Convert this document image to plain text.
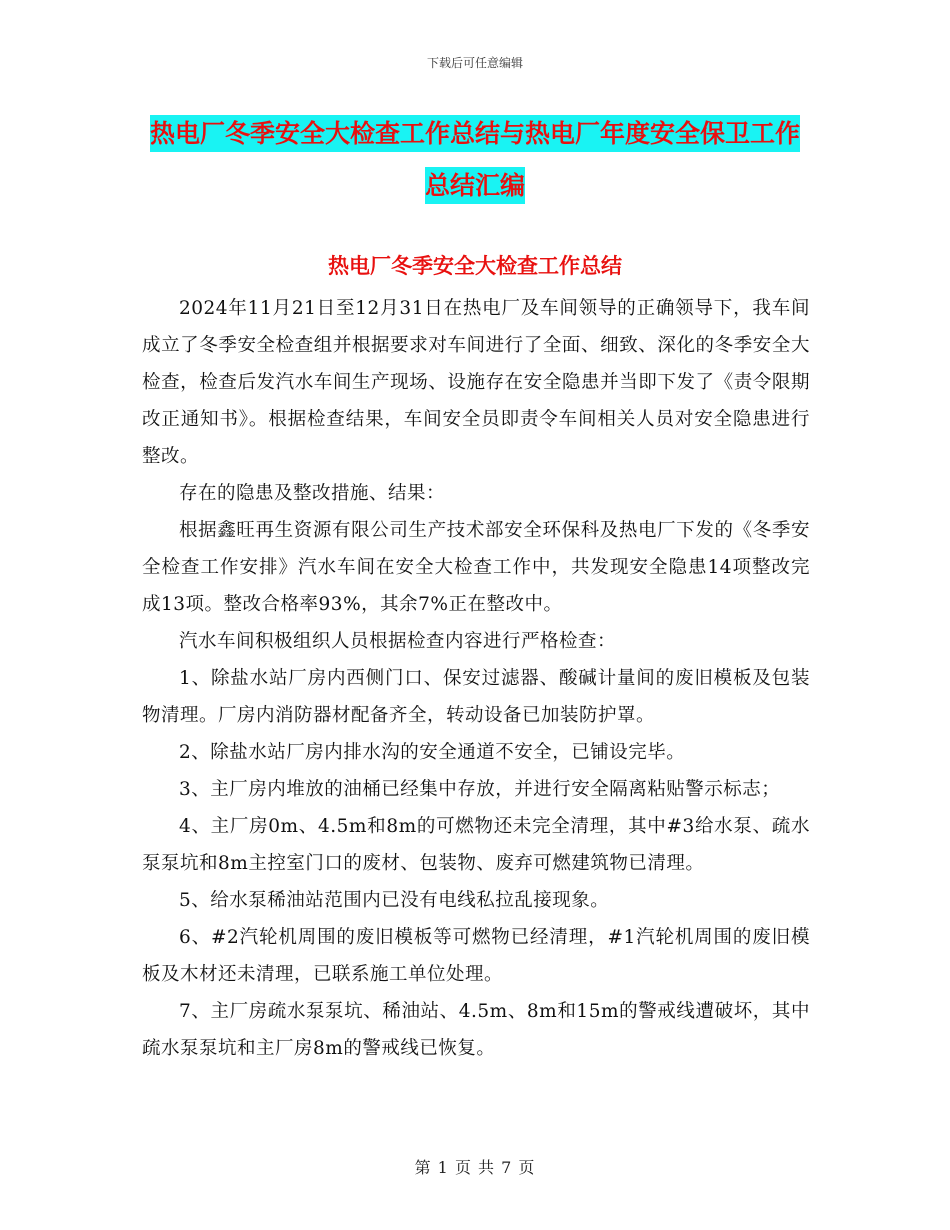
下载后可任意编辑
热电厂冬季安全大检查工作总结与热电厂年度安全保卫工作总结汇编
热电厂冬季安全大检查工作总结

2024年11月21日至12月31日在热电厂及车间领导的正确领导下，我车间成立了冬季安全检查组并根据要求对车间进行了全面、细致、深化的冬季安全大检查，检查后发汽水车间生产现场、设施存在安全隐患并当即下发了《责令限期改正通知书》。根据检查结果，车间安全员即责令车间相关人员对安全隐患进行整改。

存在的隐患及整改措施、结果：

根据鑫旺再生资源有限公司生产技术部安全环保科及热电厂下发的《冬季安全检查工作安排》汽水车间在安全大检查工作中，共发现安全隐患14项整改完成13项。整改合格率93%，其余7%正在整改中。

汽水车间积极组织人员根据检查内容进行严格检查：

1、除盐水站厂房内西侧门口、保安过滤器、酸碱计量间的废旧模板及包装物清理。厂房内消防器材配备齐全，转动设备已加装防护罩。

2、除盐水站厂房内排水沟的安全通道不安全，已铺设完毕。

3、主厂房内堆放的油桶已经集中存放，并进行安全隔离粘贴警示标志；

4、主厂房0m、4.5m和8m的可燃物还未完全清理，其中#3给水泵、疏水泵泵坑和8m主控室门口的废材、包装物、废弃可燃建筑物已清理。

5、给水泵稀油站范围内已没有电线私拉乱接现象。

6、#2汽轮机周围的废旧模板等可燃物已经清理，#1汽轮机周围的废旧模板及木材还未清理，已联系施工单位处理。

7、主厂房疏水泵泵坑、稀油站、4.5m、8m和15m的警戒线遭破坏，其中疏水泵泵坑和主厂房8m的警戒线已恢复。

第 1 页 共 7 页
